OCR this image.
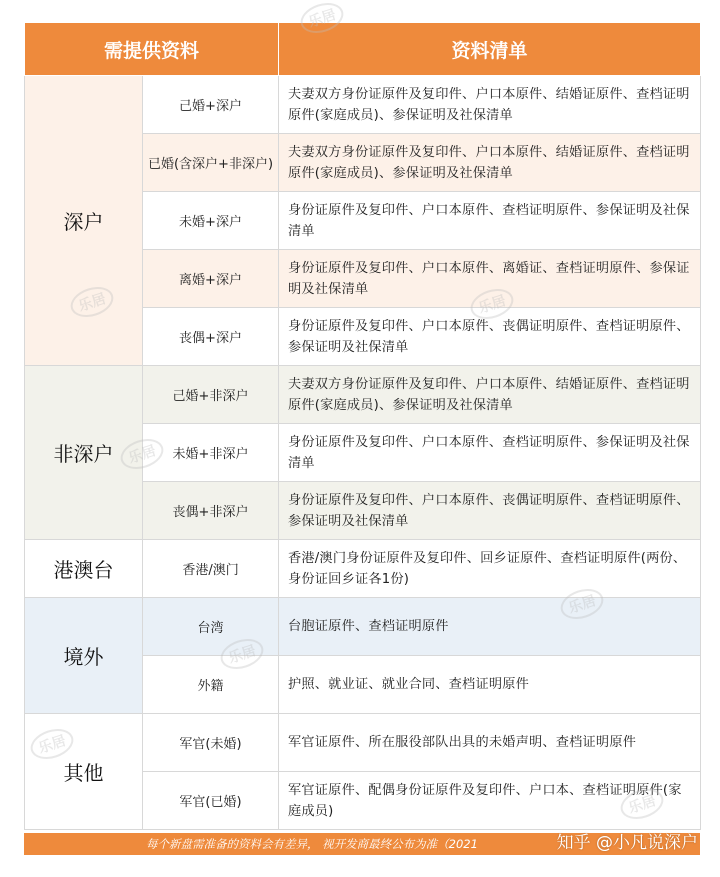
需提供资料		资料清单
深户	己婚+深户	夫妻双方身份证原件及复印件、户口本原件、结婚证原件、查档证明原件(家庭成员)、参保证明及社保清单
	已婚(含深户+非深户)	夫妻双方身份证原件及复印件、户口本原件、结婚证原件、查档证明原件(家庭成员)、参保证明及社保清单
	未婚+深户	身份证原件及复印件、户口本原件、查档证明原件、参保证明及社保清单
	离婚+深户	身份证原件及复印件、户口本原件、离婚证、查档证明原件、参保证明及社保清单
	丧偶+深户	身份证原件及复印件、户口本原件、丧偶证明原件、查档证明原件、参保证明及社保清单
非深户	己婚+非深户	夫妻双方身份证原件及复印件、户口本原件、结婚证原件、查档证明原件(家庭成员)、参保证明及社保清单
	未婚+非深户	身份证原件及复印件、户口本原件、查档证明原件、参保证明及社保清单
	丧偶+非深户	身份证原件及复印件、户口本原件、丧偶证明原件、查档证明原件、参保证明及社保清单
港澳台	香港/澳门	香港/澳门身份证原件及复印件、回乡证原件、查档证明原件(两份、身份证回乡证各1份)
境外	台湾	台胞证原件、查档证明原件
	外籍	护照、就业证、就业合同、查档证明原件
其他	军官(未婚)	军官证原件、所在服役部队出具的未婚声明、查档证明原件
	军官(已婚)	军官证原件、配偶身份证原件及复印件、户口本、查档证明原件(家庭成员)
每个新盘需准备的资料会有差异， 视开发商最终公布为准（2021	知乎 @小凡说深户
乐居
乐居	乐居
乐居
乐居
乐居
乐居
乐居
